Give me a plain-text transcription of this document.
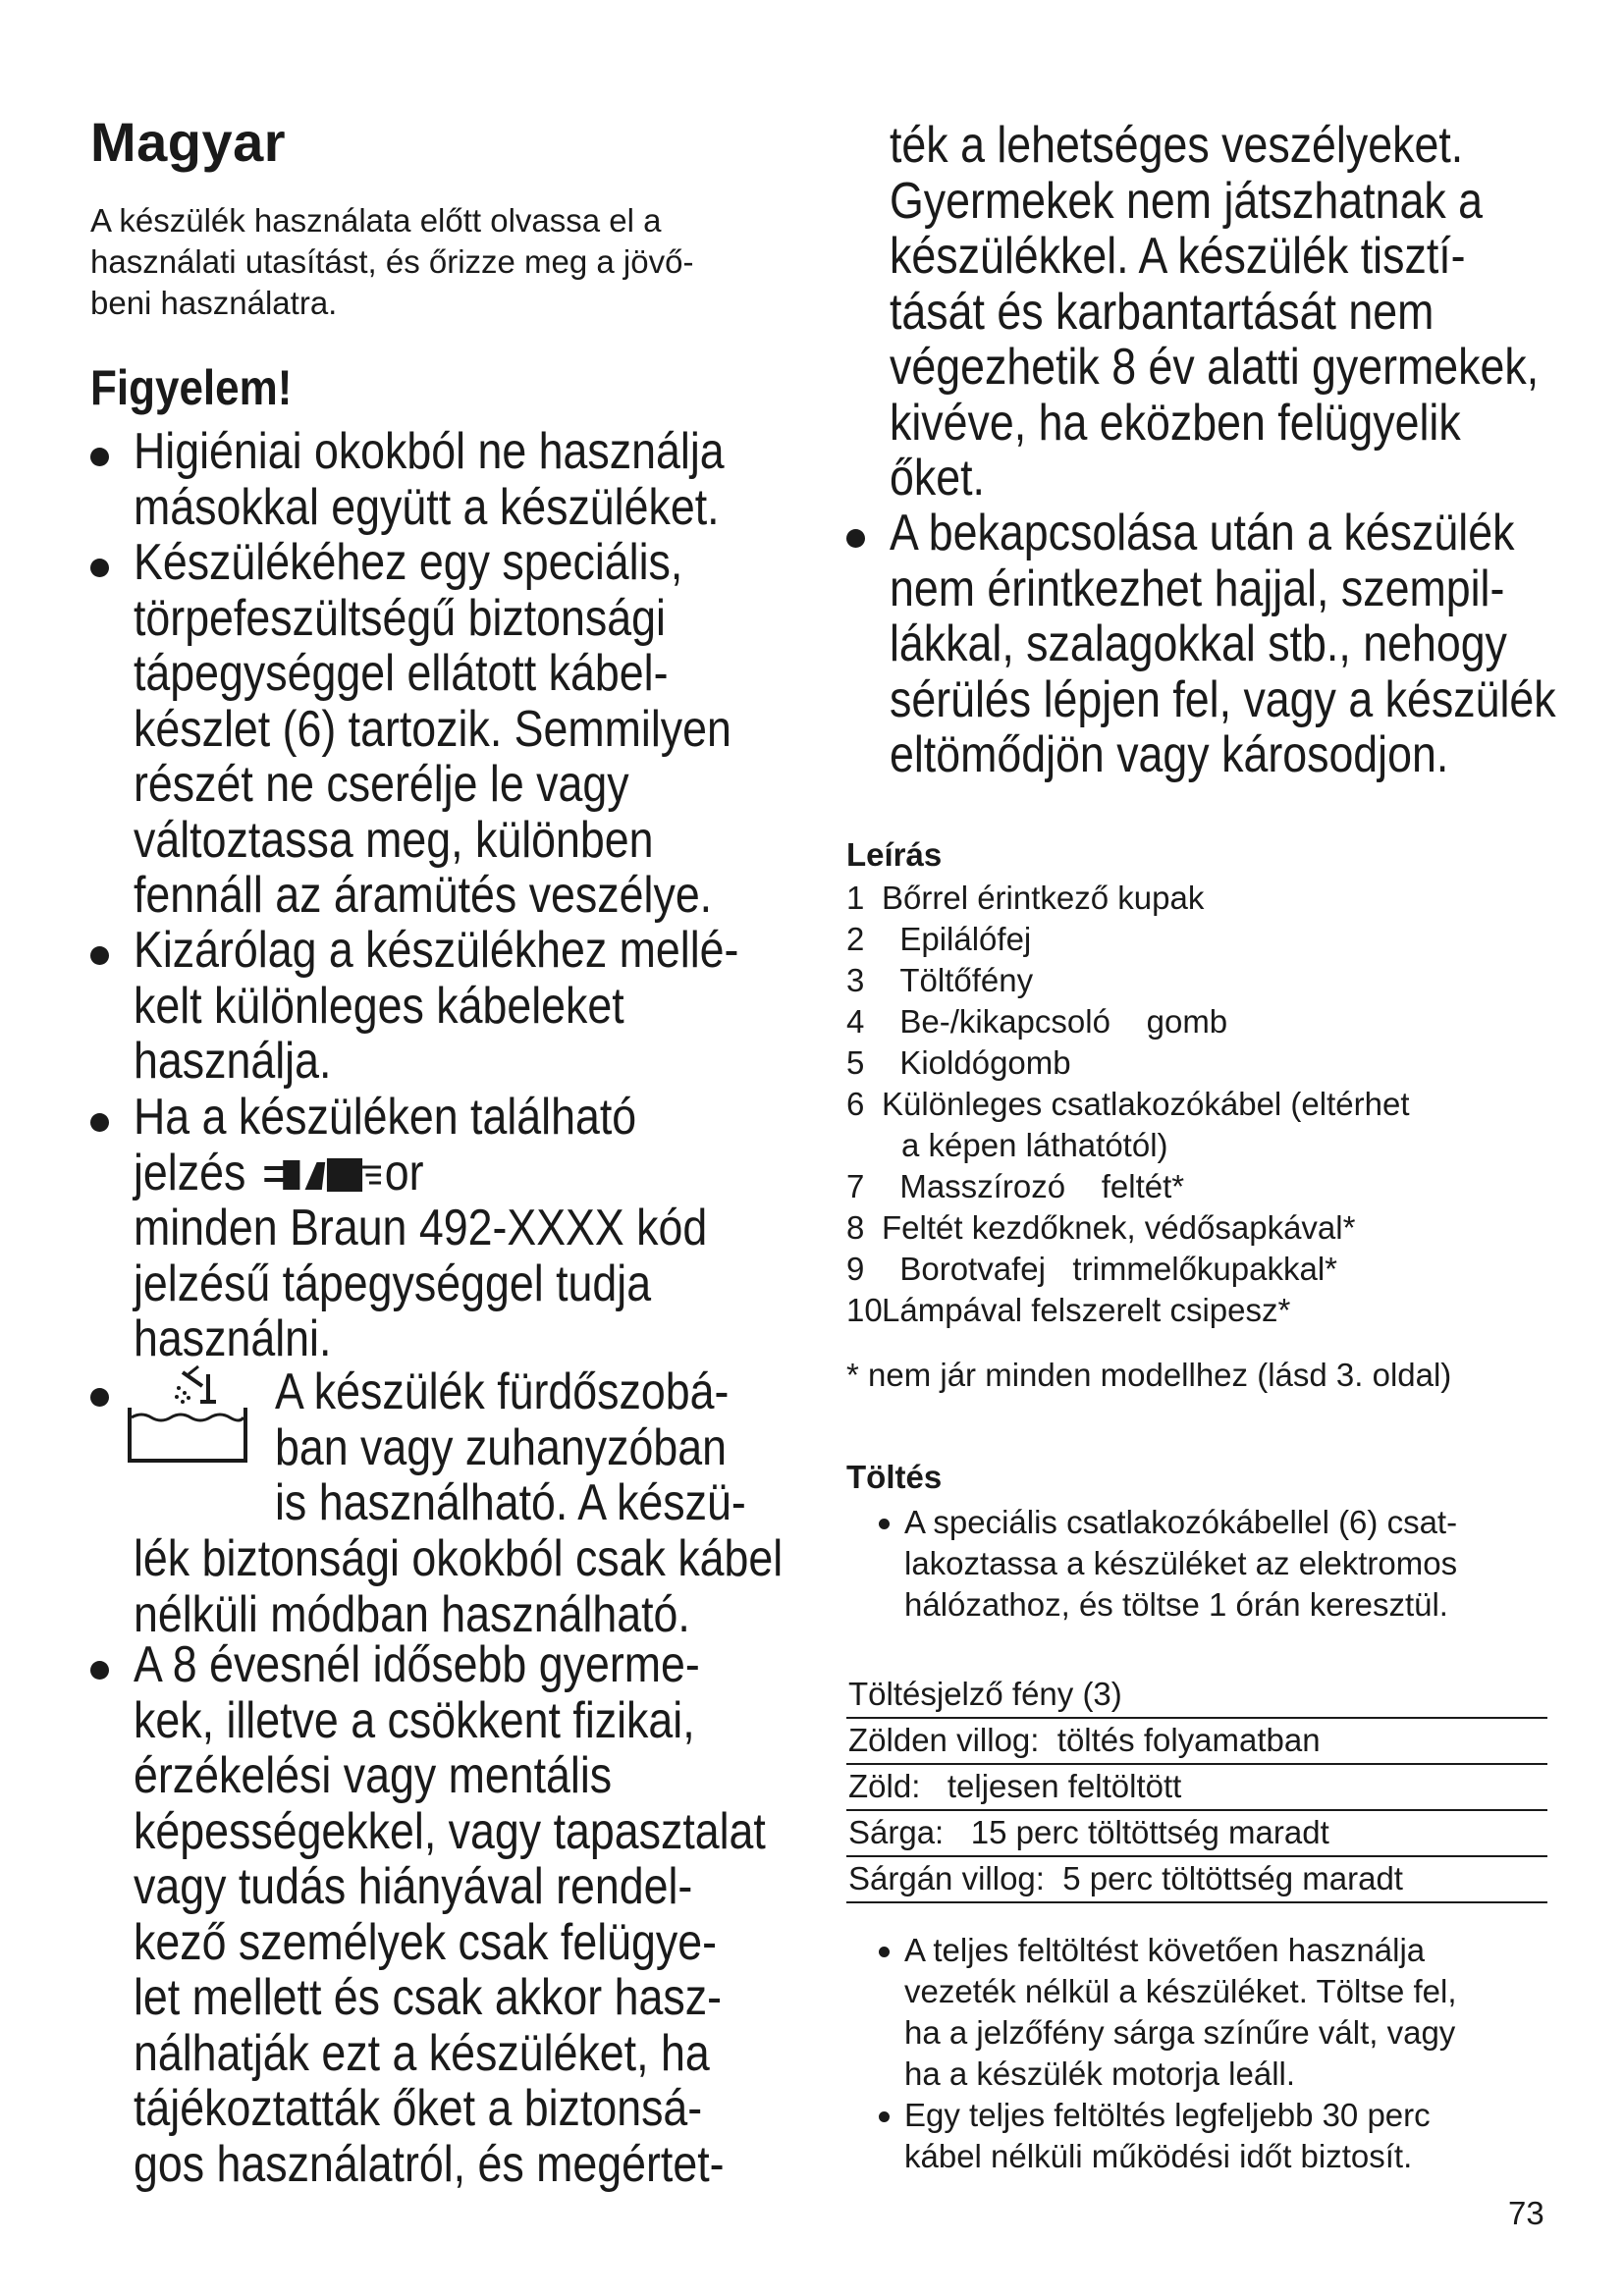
Magyar

A készülék használata előtt olvassa el a
használati utasítást, és őrizze meg a jövő-
beni használatra.

Figyelem!
Higiéniai okokból ne használja
másokkal együtt a készüléket.
Készülékéhez egy speciális,
törpefeszültségű biztonsági
tápegységgel ellátott kábel-
készlet (6) tartozik. Semmilyen
részét ne cserélje le vagy
változtassa meg, különben
fennáll az áramütés veszélye.
Kizárólag a készülékhez mellé-
kelt különleges kábeleket
használja.
Ha a készüléken található
jelzés	or
minden Braun 492-XXXX kód
jelzésű tápegységgel tudja
használni.
A készülék fürdőszobá-
ban vagy zuhanyzóban
is használható. A készü-
lék biztonsági okokból csak kábel
nélküli módban használható.
A 8 évesnél idősebb gyerme-
kek, illetve a csökkent fizikai,
érzékelési vagy mentális
képességekkel, vagy tapasztalat
vagy tudás hiányával rendel-
kező személyek csak felügye-
let mellett és csak akkor hasz-
nálhatják ezt a készüléket, ha
tájékoztatták őket a biztonsá-
gos használatról, és megértet-
ték a lehetséges veszélyeket.
Gyermekek nem játszhatnak a
készülékkel. A készülék tisztí-
tását és karbantartását nem
végezhetik 8 év alatti gyermekek,
kivéve, ha eközben felügyelik
őket.
A bekapcsolása után a készülék
nem érintkezhet hajjal, szempil-
lákkal, szalagokkal stb., nehogy
sérülés lépjen fel, vagy a készülék
eltömődjön vagy károsodjon.
Leírás
1 Bőrrel érintkező kupak
2 Epilálófej
3 Töltőfény
4 Be-/kikapcsoló    gomb
5 Kioldógomb
6 Különleges csatlakozókábel (eltérhet
a képen láthatótól)
7 Masszírozó    feltét*
8 Feltét kezdőknek, védősapkával*
9 Borotvafej   trimmelőkupakkal*
10Lámpával felszerelt csipesz*
* nem jár minden modellhez (lásd 3. oldal)
Töltés
A speciális csatlakozókábellel (6) csat-
lakoztassa a készüléket az elektromos
hálózathoz, és töltse 1 órán keresztül.
Töltésjelző fény (3)
Zölden villog:  töltés folyamatban
Zöld:   teljesen feltöltött
Sárga:   15 perc töltöttség maradt
Sárgán villog:  5 perc töltöttség maradt
A teljes feltöltést követően használja
vezeték nélkül a készüléket. Töltse fel,
ha a jelzőfény sárga színűre vált, vagy
ha a készülék motorja leáll.
Egy teljes feltöltés legfeljebb 30 perc
kábel nélküli működési időt biztosít.
73
